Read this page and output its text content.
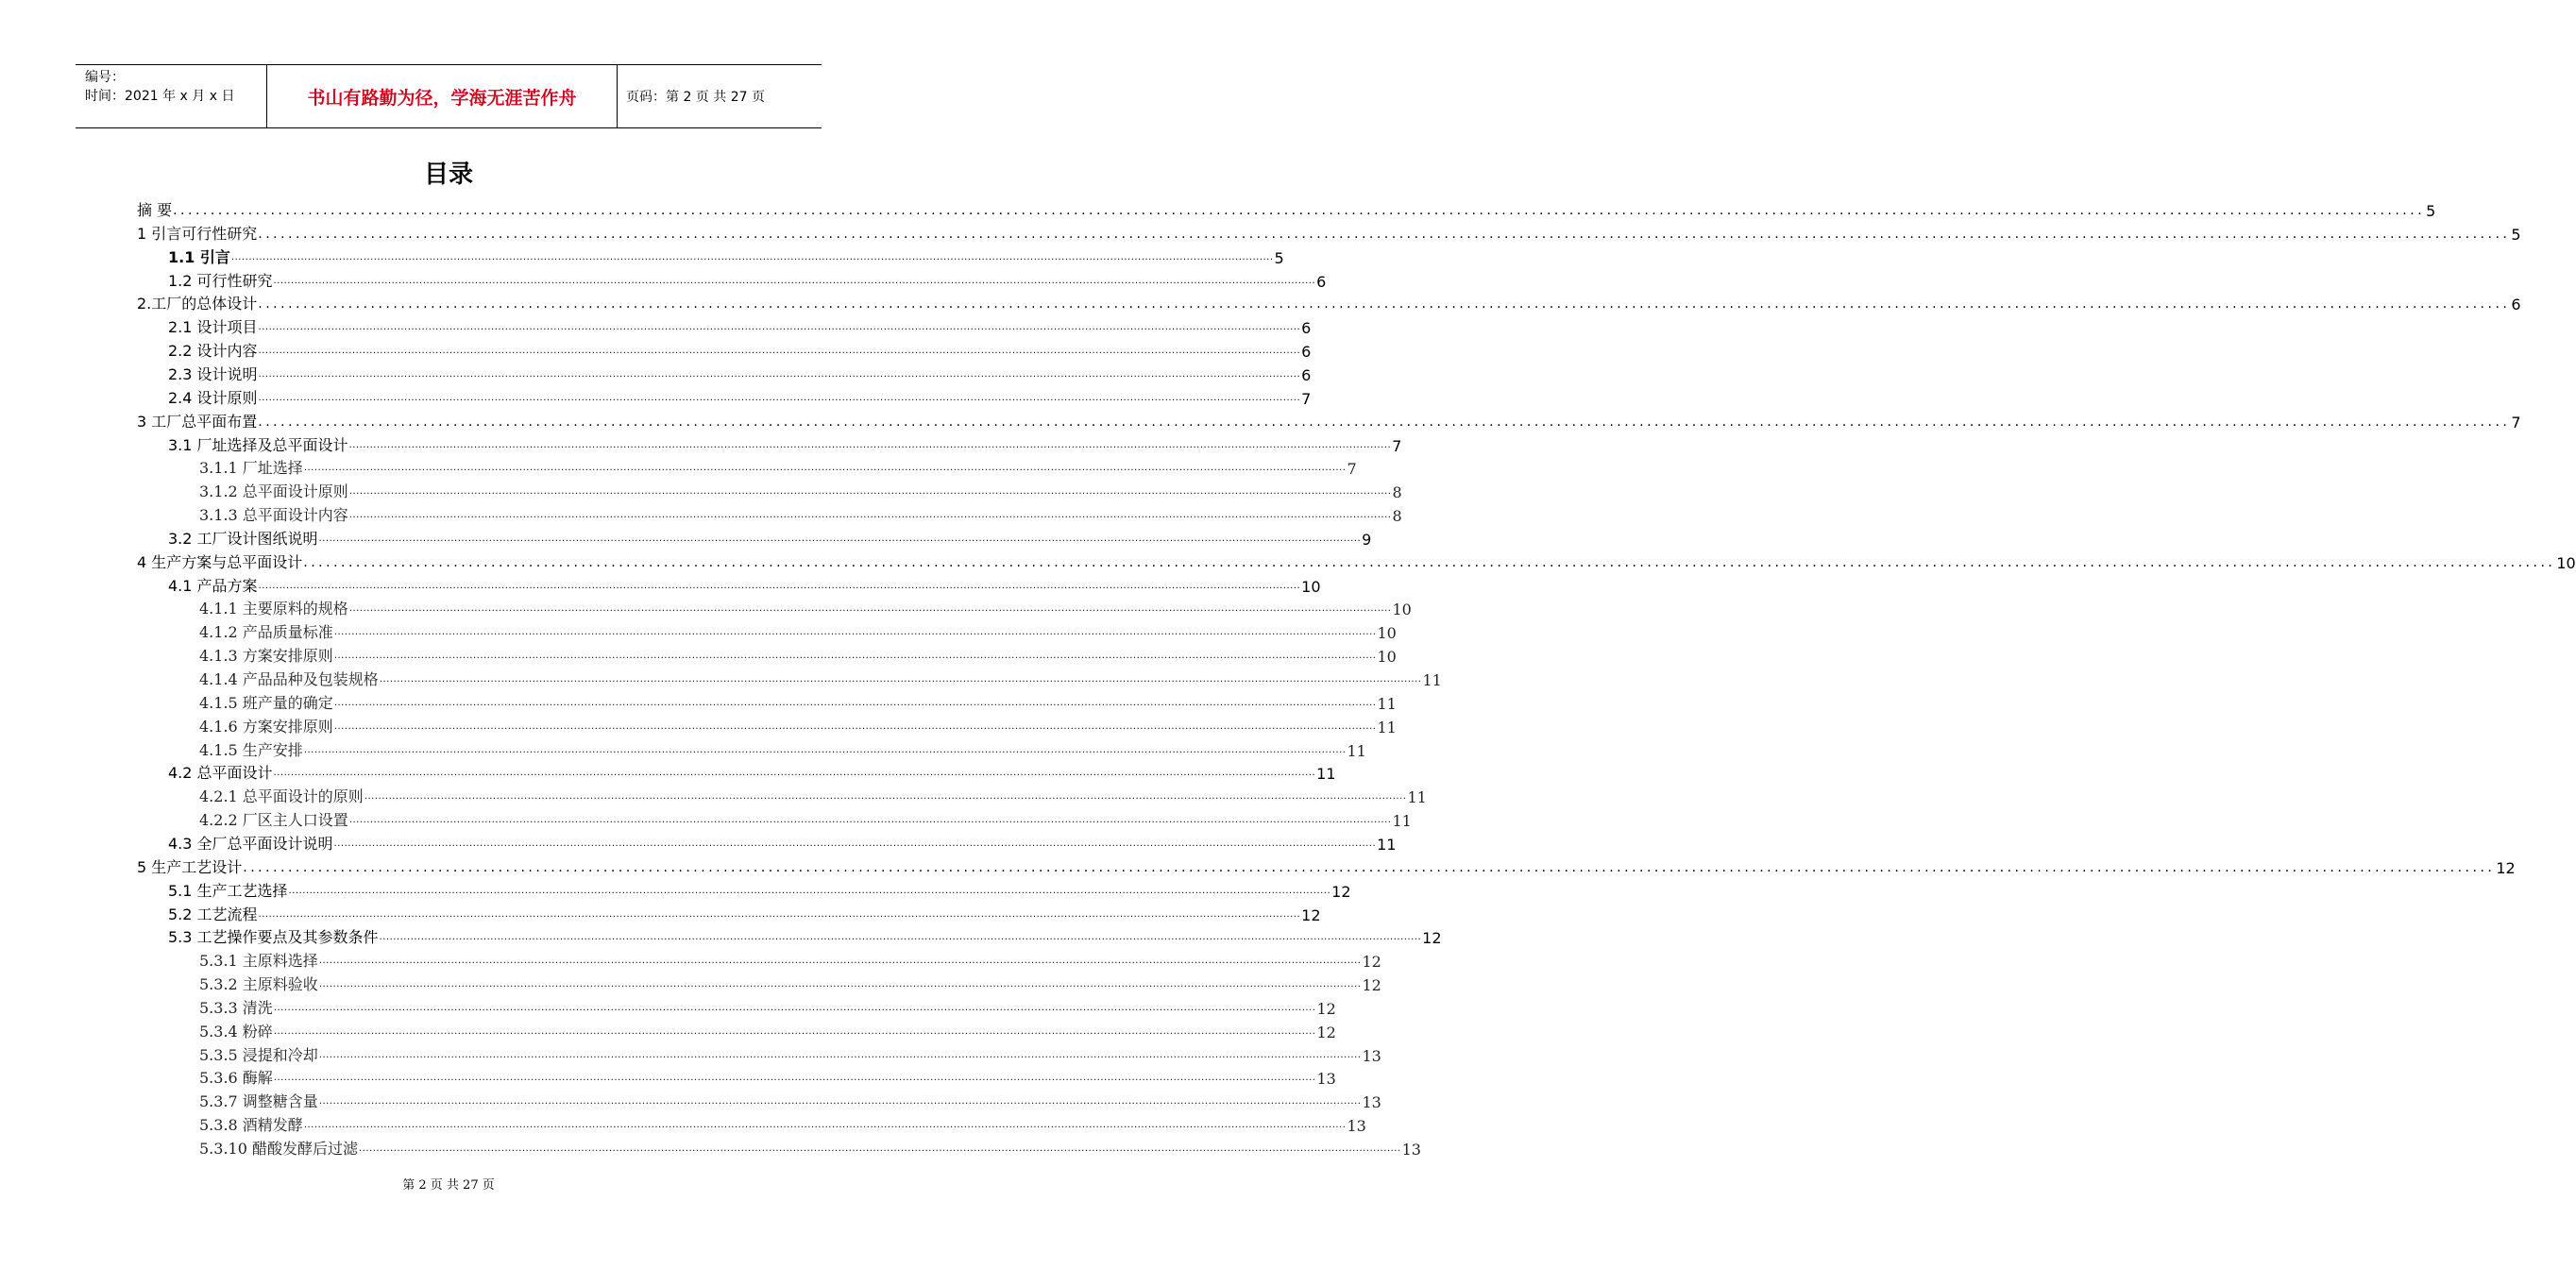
编号：
时间：2021 年 x 月 x 日	书山有路勤为径，学海无涯苦作舟	页码：第 2 页 共 27 页
目录
摘 要 ............................................................................................................................................................................................................................................................................................................ 5
1 引言可行性研究 ............................................................................................................................................................................................................................................................................................................ 5
1.1 引言 ............................................................................................................................................................................................................................................................................................................ 5
1.2 可行性研究 ............................................................................................................................................................................................................................................................................................................ 6
2.工厂的总体设计 ............................................................................................................................................................................................................................................................................................................ 6
2.1 设计项目 ............................................................................................................................................................................................................................................................................................................ 6
2.2 设计内容 ............................................................................................................................................................................................................................................................................................................ 6
2.3 设计说明 ............................................................................................................................................................................................................................................................................................................ 6
2.4 设计原则 ............................................................................................................................................................................................................................................................................................................ 7
3 工厂总平面布置 ............................................................................................................................................................................................................................................................................................................ 7
3.1 厂址选择及总平面设计 ............................................................................................................................................................................................................................................................................................................ 7
3.1.1 厂址选择 ............................................................................................................................................................................................................................................................................................................ 7
3.1.2 总平面设计原则 ............................................................................................................................................................................................................................................................................................................ 8
3.1.3 总平面设计内容 ............................................................................................................................................................................................................................................................................................................ 8
3.2 工厂设计图纸说明 ............................................................................................................................................................................................................................................................................................................ 9
4 生产方案与总平面设计 ............................................................................................................................................................................................................................................................................................................ 10
4.1 产品方案 ............................................................................................................................................................................................................................................................................................................ 10
4.1.1 主要原料的规格 ............................................................................................................................................................................................................................................................................................................ 10
4.1.2 产品质量标准 ............................................................................................................................................................................................................................................................................................................ 10
4.1.3 方案安排原则 ............................................................................................................................................................................................................................................................................................................ 10
4.1.4 产品品种及包装规格 ............................................................................................................................................................................................................................................................................................................ 11
4.1.5 班产量的确定 ............................................................................................................................................................................................................................................................................................................ 11
4.1.6 方案安排原则 ............................................................................................................................................................................................................................................................................................................ 11
4.1.5 生产安排 ............................................................................................................................................................................................................................................................................................................ 11
4.2 总平面设计 ............................................................................................................................................................................................................................................................................................................ 11
4.2.1 总平面设计的原则 ............................................................................................................................................................................................................................................................................................................ 11
4.2.2 厂区主人口设置 ............................................................................................................................................................................................................................................................................................................ 11
4.3 全厂总平面设计说明 ............................................................................................................................................................................................................................................................................................................ 11
5 生产工艺设计 ............................................................................................................................................................................................................................................................................................................ 12
5.1 生产工艺选择 ............................................................................................................................................................................................................................................................................................................ 12
5.2 工艺流程 ............................................................................................................................................................................................................................................................................................................ 12
5.3 工艺操作要点及其参数条件 ............................................................................................................................................................................................................................................................................................................ 12
5.3.1 主原料选择 ............................................................................................................................................................................................................................................................................................................ 12
5.3.2 主原料验收 ............................................................................................................................................................................................................................................................................................................ 12
5.3.3 清洗 ............................................................................................................................................................................................................................................................................................................ 12
5.3.4 粉碎 ............................................................................................................................................................................................................................................................................................................ 12
5.3.5 浸提和冷却 ............................................................................................................................................................................................................................................................................................................ 13
5.3.6 酶解 ............................................................................................................................................................................................................................................................................................................ 13
5.3.7 调整糖含量 ............................................................................................................................................................................................................................................................................................................ 13
5.3.8 酒精发酵 ............................................................................................................................................................................................................................................................................................................ 13
5.3.10 醋酸发酵后过滤 ............................................................................................................................................................................................................................................................................................................ 13
第 2 页 共 27 页
